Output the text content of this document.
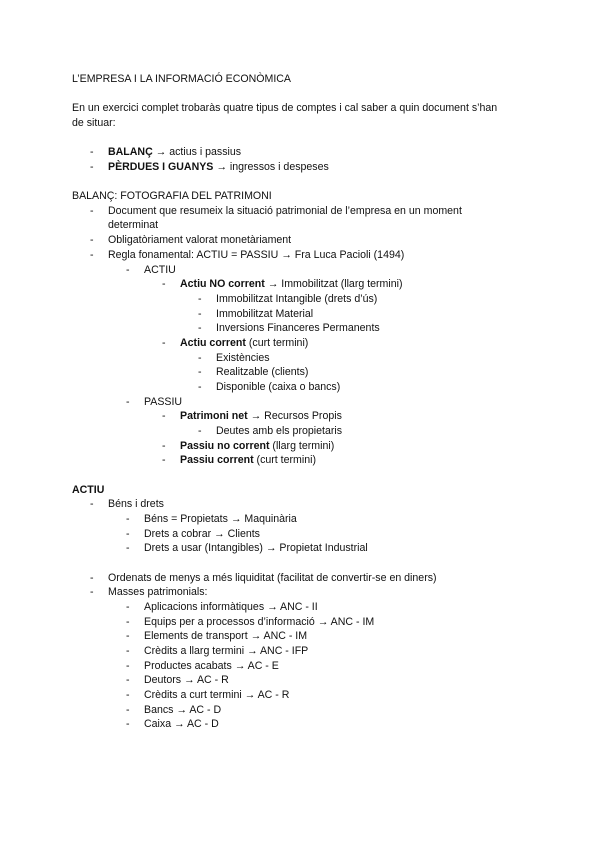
L’EMPRESA I LA INFORMACIÓ ECONÒMICA
En un exercici complet trobaràs quatre tipus de comptes i cal saber a quin document s’han
de situar:
- BALANÇ → actius i passius
- PÈRDUES I GUANYS → ingressos i despeses
BALANÇ: FOTOGRAFIA DEL PATRIMONI
- Document que resumeix la situació patrimonial de l’empresa en un moment
determinat
- Obligatòriament valorat monetàriament
- Regla fonamental: ACTIU = PASSIU → Fra Luca Pacioli (1494)
- ACTIU
- Actiu NO corrent → Immobilitzat (llarg termini)
- Immobilitzat Intangible (drets d’ús)
- Immobilitzat Material
- Inversions Financeres Permanents
- Actiu corrent (curt termini)
- Existències
- Realitzable (clients)
- Disponible (caixa o bancs)
- PASSIU
- Patrimoni net → Recursos Propis
- Deutes amb els propietaris
- Passiu no corrent (llarg termini)
- Passiu corrent (curt termini)
ACTIU
- Béns i drets
- Béns = Propietats → Maquinària
- Drets a cobrar → Clients
- Drets a usar (Intangibles) → Propietat Industrial
- Ordenats de menys a més liquiditat (facilitat de convertir-se en diners)
- Masses patrimonials:
- Aplicacions informàtiques → ANC - II
- Equips per a processos d’informació → ANC - IM
- Elements de transport → ANC - IM
- Crèdits a llarg termini → ANC - IFP
- Productes acabats → AC - E
- Deutors → AC - R
- Crèdits a curt termini → AC - R
- Bancs → AC - D
- Caixa → AC - D
